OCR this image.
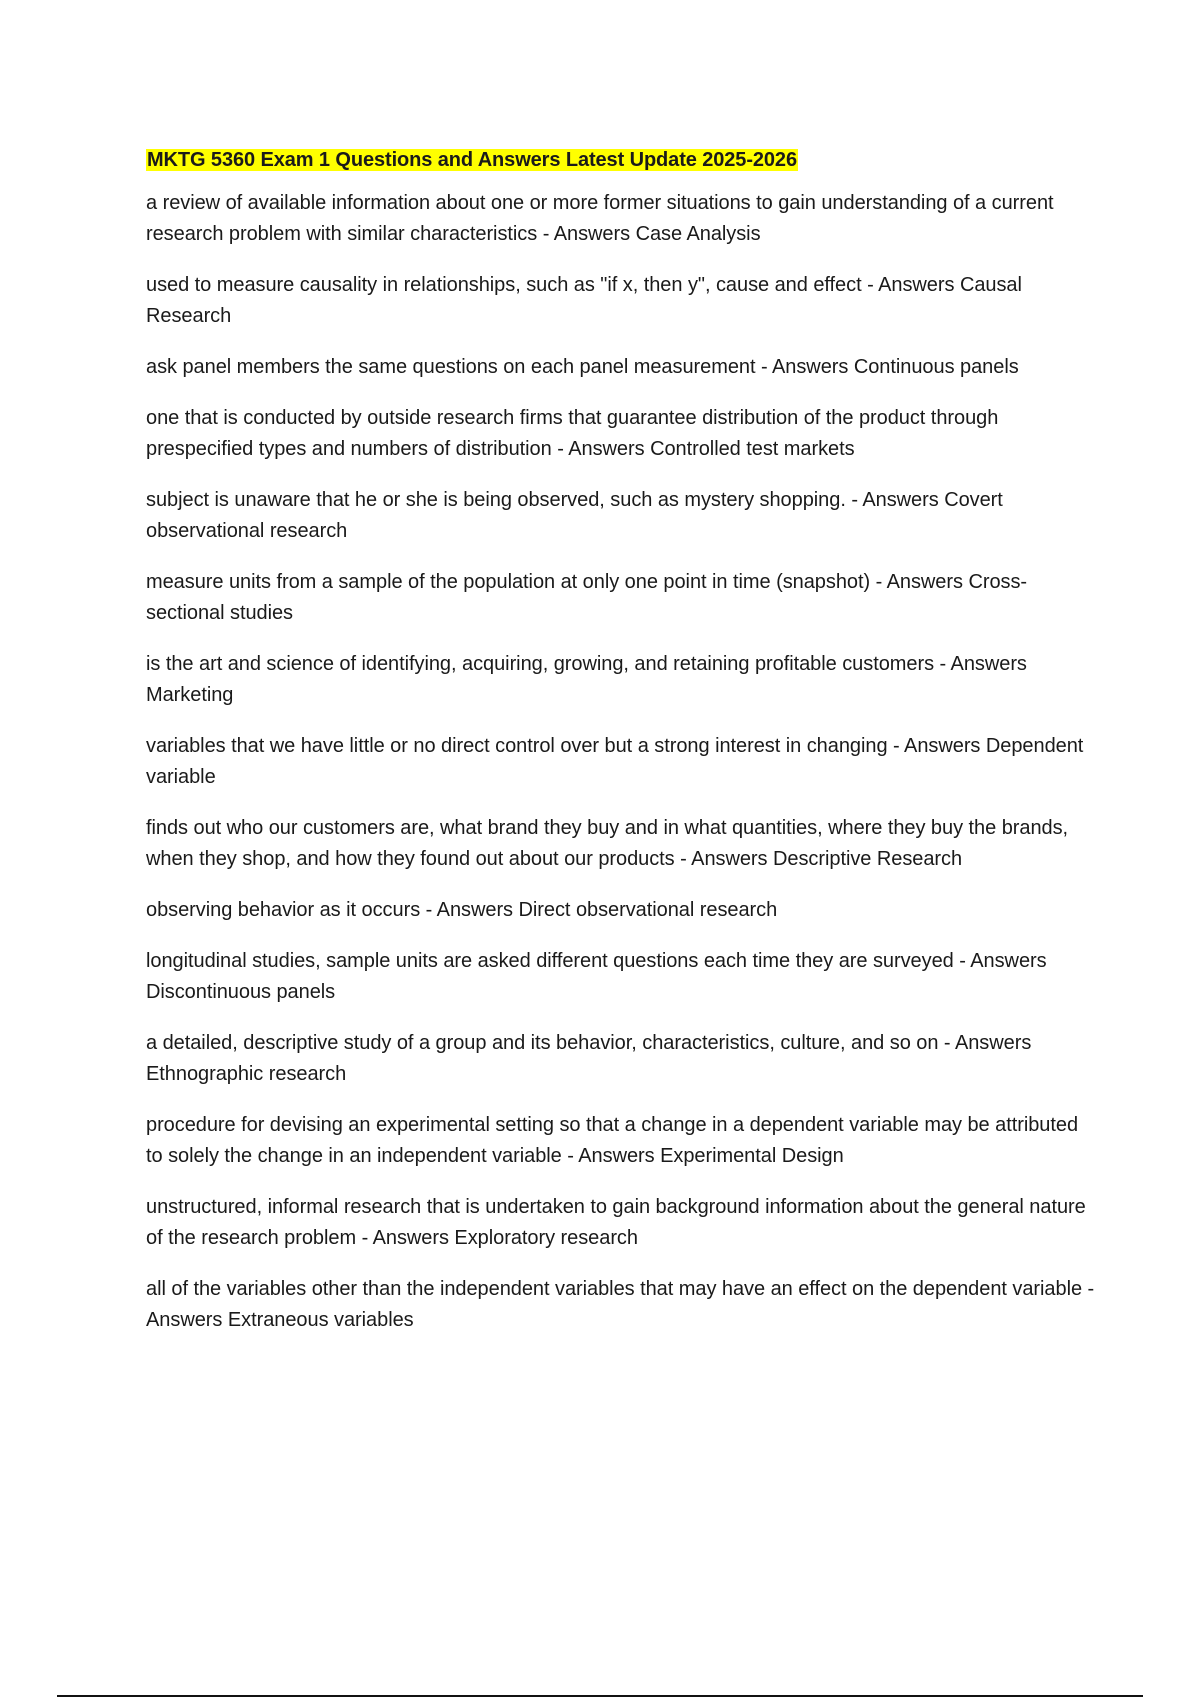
MKTG 5360 Exam 1 Questions and Answers Latest Update 2025-2026

a review of available information about one or more former situations to gain understanding of a current research problem with similar characteristics - Answers Case Analysis

used to measure causality in relationships, such as "if x, then y", cause and effect - Answers Causal Research

ask panel members the same questions on each panel measurement - Answers Continuous panels

one that is conducted by outside research firms that guarantee distribution of the product through prespecified types and numbers of distribution - Answers Controlled test markets

subject is unaware that he or she is being observed, such as mystery shopping. - Answers Covert observational research

measure units from a sample of the population at only one point in time (snapshot) - Answers Cross-sectional studies

is the art and science of identifying, acquiring, growing, and retaining profitable customers - Answers Marketing

variables that we have little or no direct control over but a strong interest in changing - Answers Dependent variable

finds out who our customers are, what brand they buy and in what quantities, where they buy the brands, when they shop, and how they found out about our products - Answers Descriptive Research

observing behavior as it occurs - Answers Direct observational research

longitudinal studies, sample units are asked different questions each time they are surveyed - Answers Discontinuous panels

a detailed, descriptive study of a group and its behavior, characteristics, culture, and so on - Answers Ethnographic research

procedure for devising an experimental setting so that a change in a dependent variable may be attributed to solely the change in an independent variable - Answers Experimental Design

unstructured, informal research that is undertaken to gain background information about the general nature of the research problem - Answers Exploratory research

all of the variables other than the independent variables that may have an effect on the dependent variable - Answers Extraneous variables
